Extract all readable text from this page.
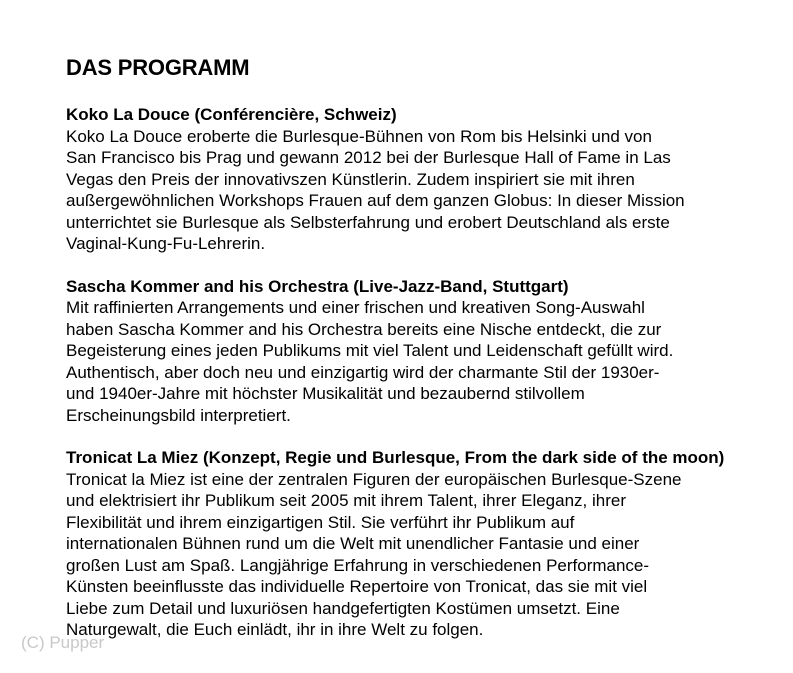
DAS PROGRAMM

Koko La Douce (Conférencière, Schweiz)

Koko La Douce eroberte die Burlesque-Bühnen von Rom bis Helsinki und von
San Francisco bis Prag und gewann 2012 bei der Burlesque Hall of Fame in Las
Vegas den Preis der innovativszen Künstlerin. Zudem inspiriert sie mit ihren
außergewöhnlichen Workshops Frauen auf dem ganzen Globus: In dieser Mission
unterrichtet sie Burlesque als Selbsterfahrung und erobert Deutschland als erste
Vaginal-Kung-Fu-Lehrerin.

Sascha Kommer and his Orchestra (Live-Jazz-Band, Stuttgart)

Mit raffinierten Arrangements und einer frischen und kreativen Song-Auswahl
haben Sascha Kommer and his Orchestra bereits eine Nische entdeckt, die zur
Begeisterung eines jeden Publikums mit viel Talent und Leidenschaft gefüllt wird.
Authentisch, aber doch neu und einzigartig wird der charmante Stil der 1930er-
und 1940er-Jahre mit höchster Musikalität und bezaubernd stilvollem
Erscheinungsbild interpretiert.

Tronicat La Miez (Konzept, Regie und Burlesque, From the dark side of the moon)

Tronicat la Miez ist eine der zentralen Figuren der europäischen Burlesque-Szene
und elektrisiert ihr Publikum seit 2005 mit ihrem Talent, ihrer Eleganz, ihrer
Flexibilität und ihrem einzigartigen Stil. Sie verführt ihr Publikum auf
internationalen Bühnen rund um die Welt mit unendlicher Fantasie und einer
großen Lust am Spaß. Langjährige Erfahrung in verschiedenen Performance-
Künsten beeinflusste das individuelle Repertoire von Tronicat, das sie mit viel
Liebe zum Detail und luxuriösen handgefertigten Kostümen umsetzt. Eine
Naturgewalt, die Euch einlädt, ihr in ihre Welt zu folgen.

(C) Pupper
